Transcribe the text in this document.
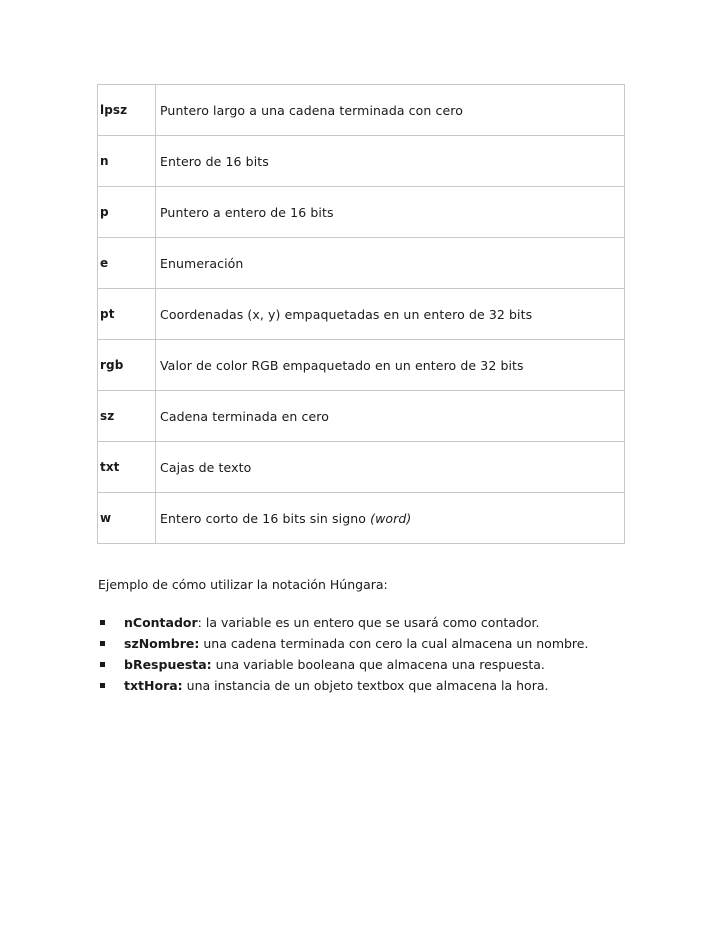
lpsz	Puntero largo a una cadena terminada con cero
n	Entero de 16 bits
p	Puntero a entero de 16 bits
e	Enumeración
pt	Coordenadas (x, y) empaquetadas en un entero de 32 bits
rgb	Valor de color RGB empaquetado en un entero de 32 bits
sz	Cadena terminada en cero
txt	Cajas de texto
w	Entero corto de 16 bits sin signo (word)

Ejemplo de cómo utilizar la notación Húngara:

nContador: la variable es un entero que se usará como contador.
szNombre: una cadena terminada con cero la cual almacena un nombre.
bRespuesta: una variable booleana que almacena una respuesta.
txtHora: una instancia de un objeto textbox que almacena la hora.
